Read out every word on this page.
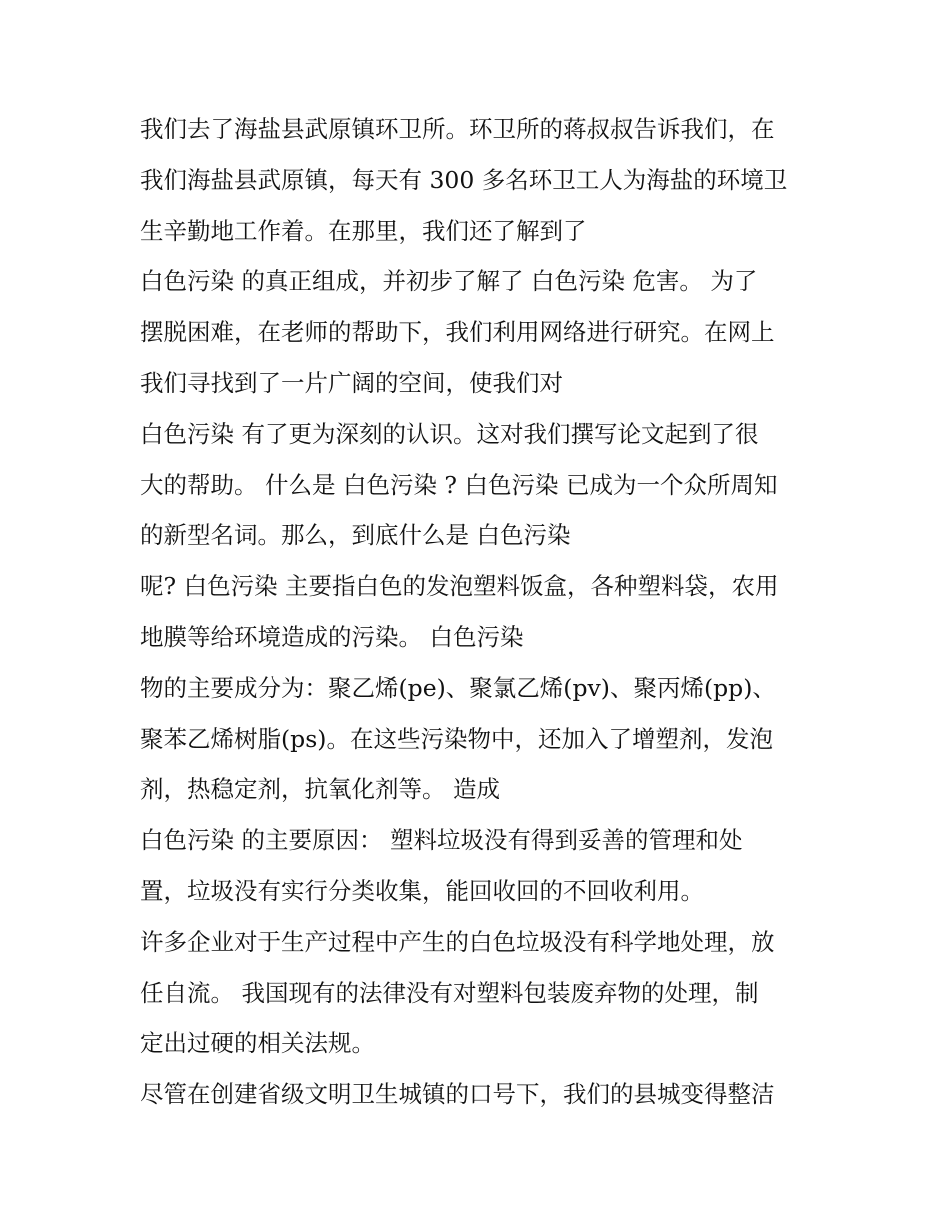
我们去了海盐县武原镇环卫所。环卫所的蒋叔叔告诉我们，在
我们海盐县武原镇，每天有 300 多名环卫工人为海盐的环境卫
生辛勤地工作着。在那里，我们还了解到了
白色污染 的真正组成，并初步了解了 白色污染 危害。 为了
摆脱困难，在老师的帮助下，我们利用网络进行研究。在网上
我们寻找到了一片广阔的空间，使我们对
白色污染 有了更为深刻的认识。这对我们撰写论文起到了很
大的帮助。 什么是 白色污染 ? 白色污染 已成为一个众所周知
的新型名词。那么，到底什么是 白色污染
呢? 白色污染 主要指白色的发泡塑料饭盒，各种塑料袋，农用
地膜等给环境造成的污染。 白色污染
物的主要成分为：聚乙烯(pe)、聚氯乙烯(pv)、聚丙烯(pp)、
聚苯乙烯树脂(ps)。在这些污染物中，还加入了增塑剂，发泡
剂，热稳定剂，抗氧化剂等。 造成
白色污染 的主要原因： 塑料垃圾没有得到妥善的管理和处
置，垃圾没有实行分类收集，能回收回的不回收利用。
许多企业对于生产过程中产生的白色垃圾没有科学地处理，放
任自流。 我国现有的法律没有对塑料包装废弃物的处理，制
定出过硬的相关法规。
尽管在创建省级文明卫生城镇的口号下，我们的县城变得整洁
